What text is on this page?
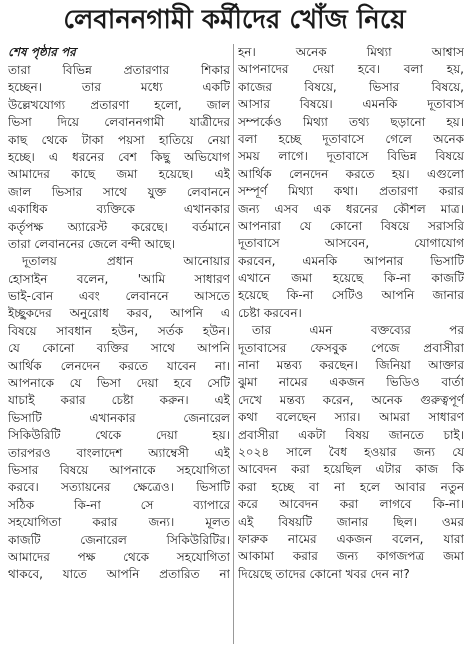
লেবাননগামী কর্মীদের খোঁজ নিয়ে
শেষ পৃষ্ঠার পর
তারা বিভিন্ন প্রতারণার শিকার
হচ্ছেন। তার মধ্যে একটি
উল্লেখযোগ্য প্রতারণা হলো, জাল
ভিসা দিয়ে লেবাননগামী যাত্রীদের
কাছ থেকে টাকা পয়সা হাতিয়ে নেয়া
হচ্ছে। এ ধরনের বেশ কিছু অভিযোগ
আমাদের কাছে জমা হয়েছে। এই
জাল ভিসার সাথে যুক্ত লেবাননে
একাধিক ব্যক্তিকে এখানকার
কর্তৃপক্ষ অ্যারেস্ট করেছে। বর্তমানে
তারা লেবাননের জেলে বন্দী আছে।
দূতালয় প্রধান আনোয়ার
হোসাইন বলেন, 'আমি সাধারণ
ভাই-বোন এবং লেবাননে আসতে
ইচ্ছুকদের অনুরোধ করব, আপনি এ
বিষয়ে সাবধান হউন, সর্তক হউন।
যে কোনো ব্যক্তির সাথে আপনি
আর্থিক লেনদেন করতে যাবেন না।
আপনাকে যে ভিসা দেয়া হবে সেটি
যাচাই করার চেষ্টা করুন। এই
ভিসাটি এখানকার জেনারেল
সিকিউরিটি থেকে দেয়া হয়।
তারপরও বাংলাদেশ অ্যাম্বেসী এই
ভিসার বিষয়ে আপনাকে সহযোগিতা
করবে। সত্যায়নের ক্ষেত্রেও। ভিসাটি
সঠিক কি-না সে ব্যাপারে
সহযোগিতা করার জন্য। মূলত
কাজটি জেনারেল সিকিউরিটির।
আমাদের পক্ষ থেকে সহযোগিতা
থাকবে, যাতে আপনি প্রতারিত না
হন। অনেক মিথ্যা আশ্বাস
আপনাদের দেয়া হবে। বলা হয়,
কাজের বিষয়ে, ভিসার বিষয়ে,
আসার বিষয়ে। এমনকি দূতাবাস
সম্পর্কেও মিথ্যা তথ্য ছড়ানো হয়।
বলা হচ্ছে দূতাবাসে গেলে অনেক
সময় লাগে। দূতাবাসে বিভিন্ন বিষয়ে
আর্থিক লেনদেন করতে হয়। এগুলো
সম্পূর্ণ মিথ্যা কথা। প্রতারণা করার
জন্য এসব এক ধরনের কৌশল মাত্র।
আপনারা যে কোনো বিষয়ে সরাসরি
দূতাবাসে আসবেন, যোগাযোগ
করবেন, এমনকি আপনার ভিসাটি
এখানে জমা হয়েছে কি-না কাজটি
হয়েছে কি-না সেটিও আপনি জানার
চেষ্টা করবেন।
তার এমন বক্তব্যের পর
দূতাবাসের ফেসবুক পেজে প্রবাসীরা
নানা মন্তব্য করছেন। জিনিয়া আক্তার
ঝুমা নামের একজন ভিডিও বার্তা
দেখে মন্তব্য করেন, অনেক গুরুত্বপূর্ণ
কথা বলেছেন স্যার। আমরা সাধারণ
প্রবাসীরা একটা বিষয় জানতে চাই।
২০২৪ সালে বৈধ হওয়ার জন্য যে
আবেদন করা হয়েছিল এটার কাজ কি
করা হচ্ছে বা না হলে আবার নতুন
করে আবেদন করা লাগবে কি-না।
এই বিষয়টি জানার ছিল। ওমর
ফারুক নামের একজন বলেন, যারা
আকামা করার জন্য কাগজপত্র জমা
দিয়েছে তাদের কোনো খবর দেন না?
